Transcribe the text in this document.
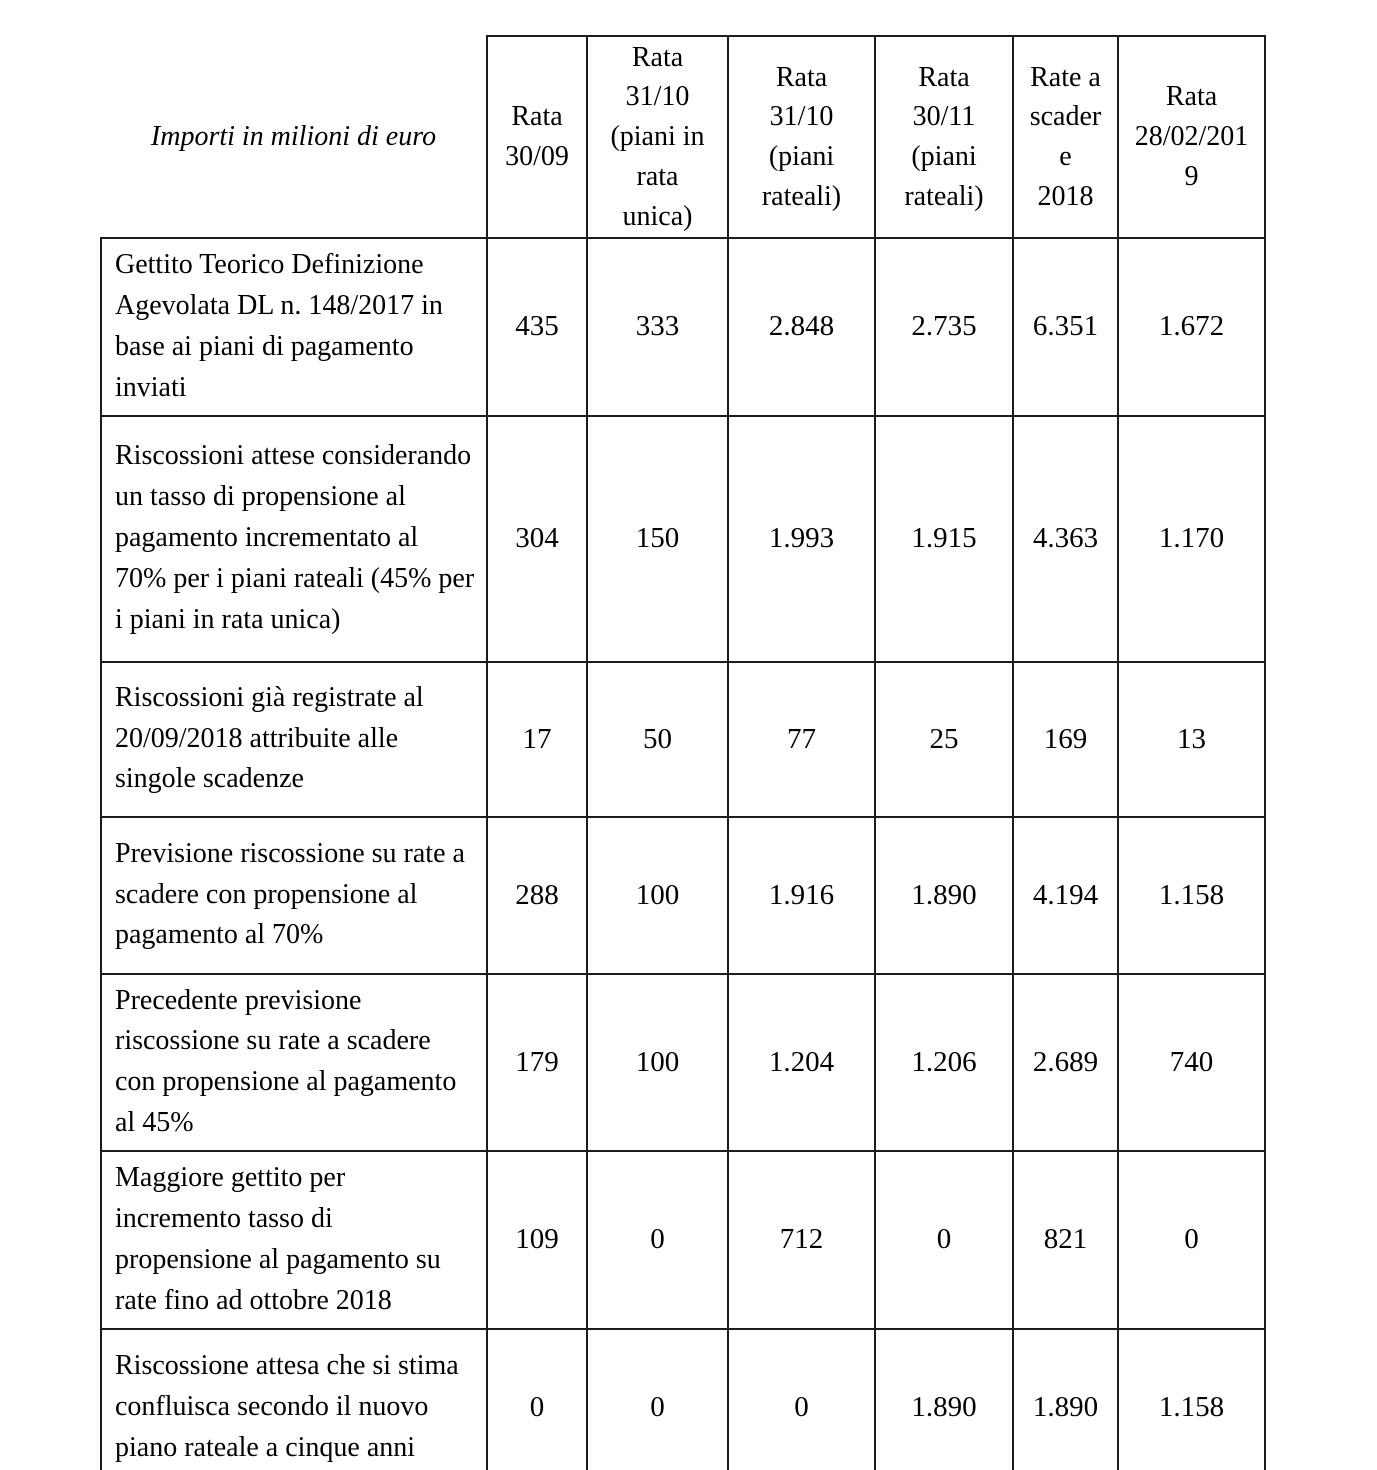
Importi in milioni di euro	Rata 30/09	Rata 31/10 (piani in rata unica)	Rata 31/10 (piani rateali)	Rata 30/11 (piani rateali)	Rate a scadere 2018	Rata 28/02/2019
Gettito Teorico Definizione Agevolata DL n. 148/2017 in base ai piani di pagamento inviati	435	333	2.848	2.735	6.351	1.672
Riscossioni attese considerando un tasso di propensione al pagamento incrementato al 70% per i piani rateali (45% per i piani in rata unica)	304	150	1.993	1.915	4.363	1.170
Riscossioni già registrate al 20/09/2018 attribuite alle singole scadenze	17	50	77	25	169	13
Previsione riscossione su rate a scadere con propensione al pagamento al 70%	288	100	1.916	1.890	4.194	1.158
Precedente previsione riscossione su rate a scadere con propensione al pagamento al 45%	179	100	1.204	1.206	2.689	740
Maggiore gettito per incremento tasso di propensione al pagamento su rate fino ad ottobre 2018	109	0	712	0	821	0
Riscossione attesa che si stima confluisca secondo il nuovo piano rateale a cinque anni	0	0	0	1.890	1.890	1.158
